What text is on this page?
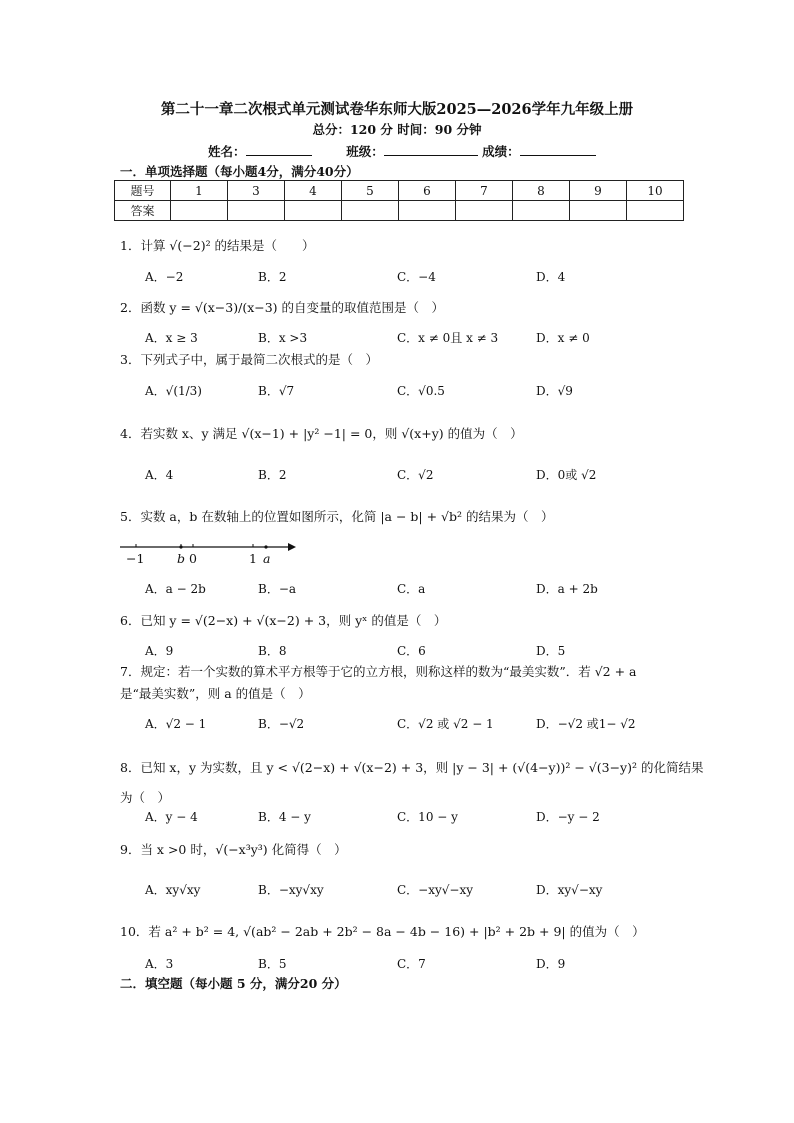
第二十一章二次根式单元测试卷华东师大版2025—2026学年九年级上册
总分：120 分 时间：90 分钟
姓名：	班级：	成绩：
一．单项选择题（每小题4分，满分40分）
题号	1	3	4	5	6	7	8	9	10
答案									
1．计算 √(−2)² 的结果是（　　）
2．函数 y = √(x−3)/(x−3) 的自变量的取值范围是（　）
3．下列式子中，属于最简二次根式的是（　）
4．若实数 x、y 满足 √(x−1) + |y² −1| = 0，则 √(x+y) 的值为（　）
5．实数 a，b 在数轴上的位置如图所示，化简 |a − b| + √b² 的结果为（　）
6．已知 y = √(2−x) + √(x−2) + 3，则 yˣ 的值是（　）
7．规定：若一个实数的算术平方根等于它的立方根，则称这样的数为“最美实数”．若 √2 + a
是“最美实数”，则 a 的值是（　）
8．已知 x，y 为实数，且 y < √(2−x) + √(x−2) + 3，则 |y − 3| + (√(4−y))² − √(3−y)² 的化简结果
为（　）
9．当 x >0 时，√(−x³y³) 化简得（　）
10．若 a² + b² = 4, √(ab² − 2ab + 2b² − 8a − 4b − 16) + |b² + 2b + 9| 的值为（　）
A．−2	B．2	C．−4	D．4
A．x ≥ 3	B．x >3	C．x ≠ 0且 x ≠ 3	D．x ≠ 0
A．√(1/3)	B．√7	C．√0.5	D．√9
A．4	B．2	C．√2	D．0或 √2
A．a − 2b	B．−a	C．a	D．a + 2b
A．9	B．8	C．6	D．5
A．√2 − 1	B．−√2	C．√2 或 √2 − 1	D．−√2 或1− √2
A．y − 4	B．4 − y	C．10 − y	D．−y − 2
A．xy√xy	B．−xy√xy	C．−xy√−xy	D．xy√−xy
A．3	B．5	C．7	D．9
−1	b 0	1 a
二．填空题（每小题 5 分，满分20 分）
